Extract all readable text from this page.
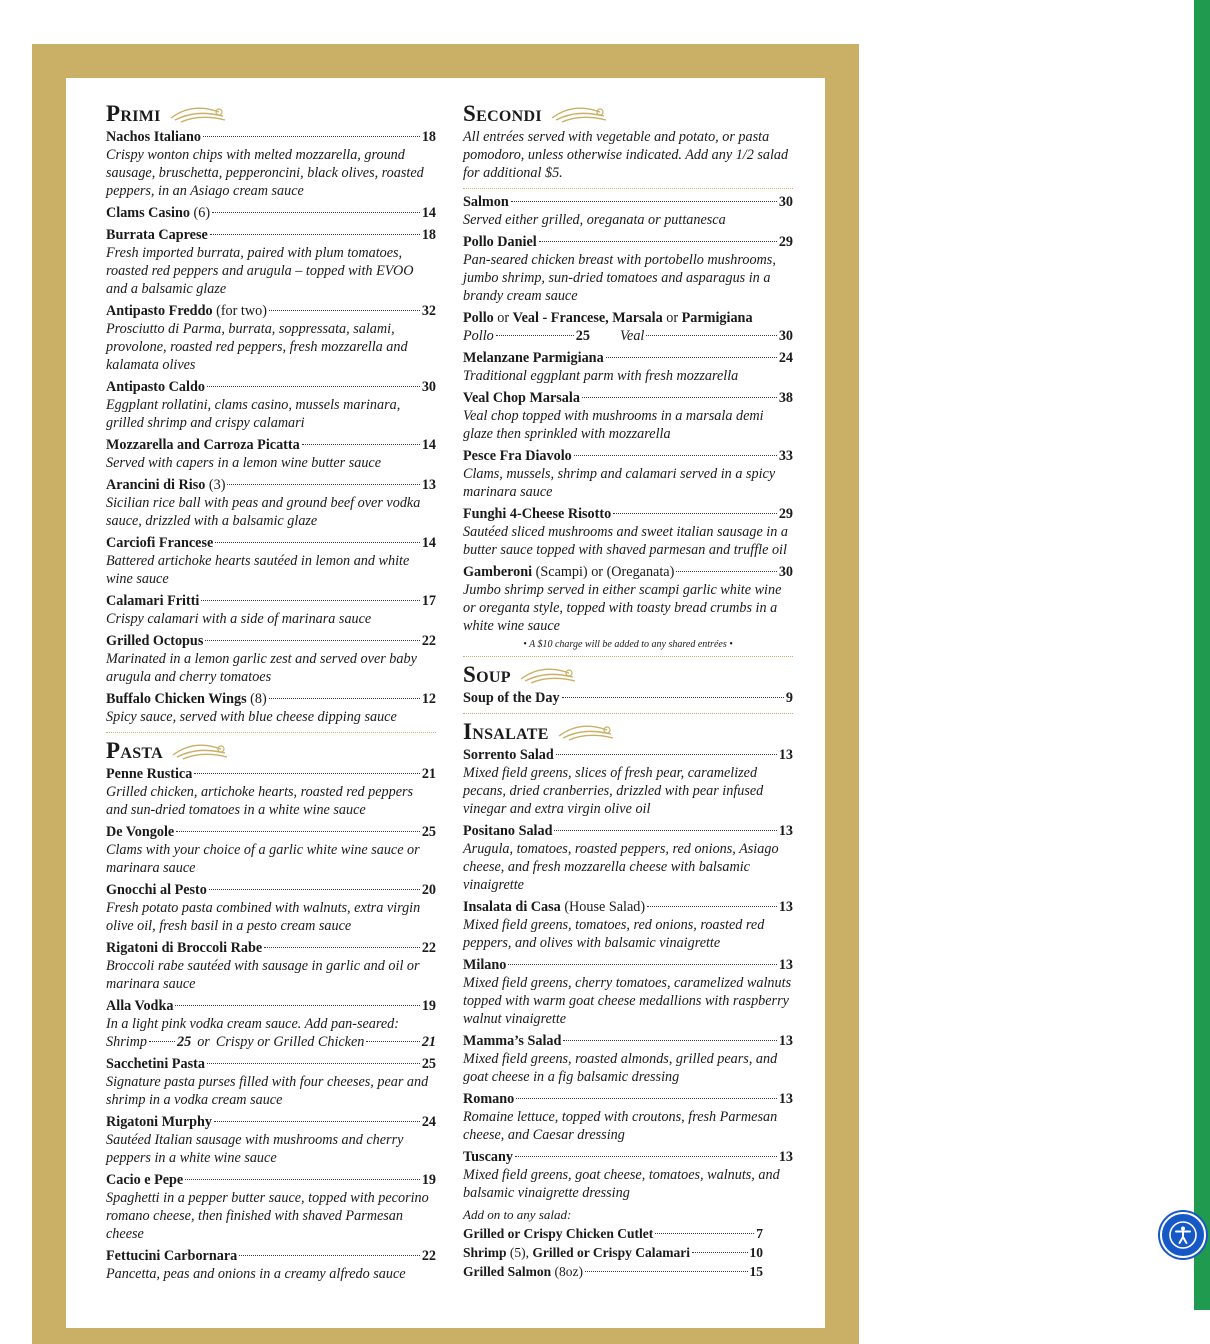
Primi
Nachos Italiano	18
Crispy wonton chips with melted mozzarella, ground sausage, bruschetta, pepperoncini, black olives, roasted peppers, in an Asiago cream sauce
Clams Casino (6)	14
Burrata Caprese	18
Fresh imported burrata, paired with plum tomatoes, roasted red peppers and arugula – topped with EVOO and a balsamic glaze
Antipasto Freddo (for two)	32
Prosciutto di Parma, burrata, soppressata, salami, provolone, roasted red peppers, fresh mozzarella and kalamata olives
Antipasto Caldo	30
Eggplant rollatini, clams casino, mussels marinara, grilled shrimp and crispy calamari
Mozzarella and Carroza Picatta	14
Served with capers in a lemon wine butter sauce
Arancini di Riso (3)	13
Sicilian rice ball with peas and ground beef over vodka sauce, drizzled with a balsamic glaze
Carciofi Francese	14
Battered artichoke hearts sautéed in lemon and white wine sauce
Calamari Fritti	17
Crispy calamari with a side of marinara sauce
Grilled Octopus	22
Marinated in a lemon garlic zest and served over baby arugula and cherry tomatoes
Buffalo Chicken Wings (8)	12
Spicy sauce, served with blue cheese dipping sauce
Pasta
Penne Rustica	21
Grilled chicken, artichoke hearts, roasted red peppers and sun-dried tomatoes in a white wine sauce
De Vongole	25
Clams with your choice of a garlic white wine sauce or marinara sauce
Gnocchi al Pesto	20
Fresh potato pasta combined with walnuts, extra virgin olive oil, fresh basil in a pesto cream sauce
Rigatoni di Broccoli Rabe	22
Broccoli rabe sautéed with sausage in garlic and oil or marinara sauce
Alla Vodka	19
In a light pink vodka cream sauce. Add pan-seared:
Shrimp 25 or Crispy or Grilled Chicken	21
Sacchetini Pasta	25
Signature pasta purses filled with four cheeses, pear and shrimp in a vodka cream sauce
Rigatoni Murphy	24
Sautéed Italian sausage with mushrooms and cherry peppers in a white wine sauce
Cacio e Pepe	19
Spaghetti in a pepper butter sauce, topped with pecorino romano cheese, then finished with shaved Parmesan cheese
Fettucini Carbornara	22
Pancetta, peas and onions in a creamy alfredo sauce
Secondi
All entrées served with vegetable and potato, or pasta pomodoro, unless otherwise indicated. Add any 1/2 salad for additional $5.
Salmon	30
Served either grilled, oreganata or puttanesca
Pollo Daniel	29
Pan-seared chicken breast with portobello mushrooms, jumbo shrimp, sun-dried tomatoes and asparagus in a brandy cream sauce
Pollo or Veal - Francese,
Marsala or Parmigiana
Pollo	25 Veal	30
Melanzane Parmigiana	24
Traditional eggplant parm with fresh mozzarella
Veal Chop Marsala	38
Veal chop topped with mushrooms in a marsala demi glaze then sprinkled with mozzarella
Pesce Fra Diavolo	33
Clams, mussels, shrimp and calamari served in a spicy marinara sauce
Funghi 4-Cheese Risotto	29
Sautéed sliced mushrooms and sweet italian sausage in a butter sauce topped with shaved parmesan and truffle oil
Gamberoni (Scampi) or (Oreganata)	30
Jumbo shrimp served in either scampi garlic white wine or oreganta style, topped with toasty bread crumbs in a white wine sauce
• A $10 charge will be added to any shared entrées •
Soup
Soup of the Day	9
Insalate
Sorrento Salad	13
Mixed field greens, slices of fresh pear, caramelized pecans, dried cranberries, drizzled with pear infused vinegar and extra virgin olive oil
Positano Salad	13
Arugula, tomatoes, roasted peppers, red onions, Asiago cheese, and fresh mozzarella cheese with balsamic vinaigrette
Insalata di Casa (House Salad)	13
Mixed field greens, tomatoes, red onions, roasted red peppers, and olives with balsamic vinaigrette
Milano	13
Mixed field greens, cherry tomatoes, caramelized walnuts topped with warm goat cheese medallions with raspberry walnut vinaigrette
Mamma’s Salad	13
Mixed field greens, roasted almonds, grilled pears, and goat cheese in a fig balsamic dressing
Romano	13
Romaine lettuce, topped with croutons, fresh Parmesan cheese, and Caesar dressing
Tuscany	13
Mixed field greens, goat cheese, tomatoes, walnuts, and balsamic vinaigrette dressing
Add on to any salad:
Grilled or Crispy Chicken Cutlet	7
Shrimp (5), Grilled or Crispy Calamari	10
Grilled Salmon (8oz)	15
